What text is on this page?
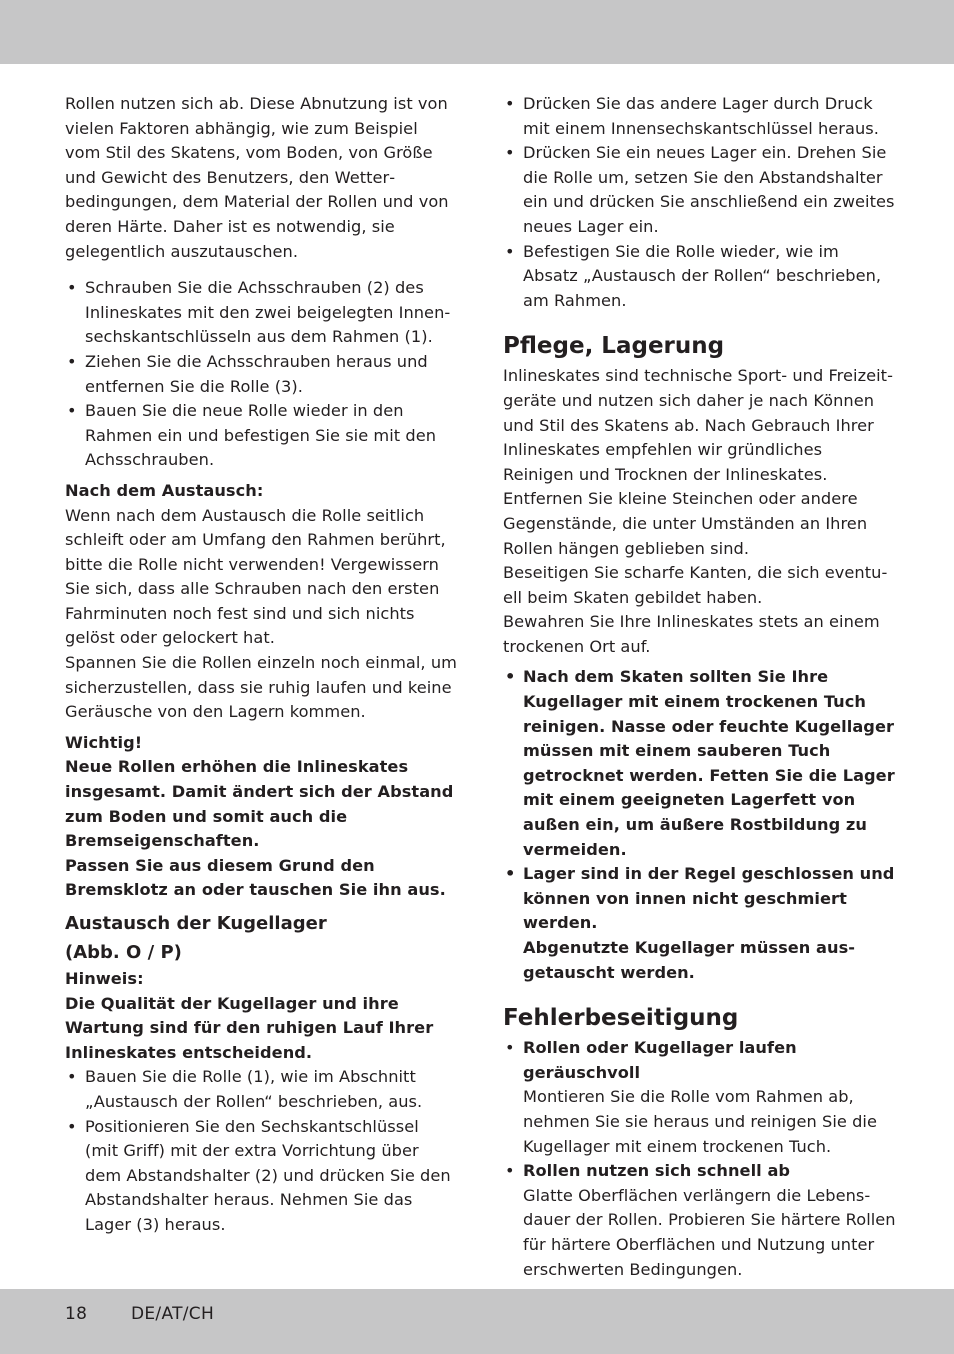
Rollen nutzen sich ab. Diese Abnutzung ist von vielen Faktoren abhängig, wie zum Beispiel vom Stil des Skatens, vom Boden, von Größe und Gewicht des Benutzers, den Wetterbedingungen, dem Material der Rollen und von deren Härte. Daher ist es notwendig, sie gelegentlich auszutauschen.

• Schrauben Sie die Achsschrauben (2) des Inlineskates mit den zwei beigelegten Innensechskantschlüsseln aus dem Rahmen (1).
• Ziehen Sie die Achsschrauben heraus und entfernen Sie die Rolle (3).
• Bauen Sie die neue Rolle wieder in den Rahmen ein und befestigen Sie sie mit den Achsschrauben.

Nach dem Austausch:

Wenn nach dem Austausch die Rolle seitlich schleift oder am Umfang den Rahmen berührt, bitte die Rolle nicht verwenden! Vergewissern Sie sich, dass alle Schrauben nach den ersten Fahrminuten noch fest sind und sich nichts gelöst oder gelockert hat.

Spannen Sie die Rollen einzeln noch einmal, um sicherzustellen, dass sie ruhig laufen und keine Geräusche von den Lagern kommen.

Wichtig!

Neue Rollen erhöhen die Inlineskates insgesamt. Damit ändert sich der Abstand zum Boden und somit auch die Bremseigenschaften.

Passen Sie aus diesem Grund den Bremsklotz an oder tauschen Sie ihn aus.

Austausch der Kugellager
(Abb. O / P)

Hinweis:

Die Qualität der Kugellager und ihre Wartung sind für den ruhigen Lauf Ihrer Inlineskates entscheidend.

• Bauen Sie die Rolle (1), wie im Abschnitt „Austausch der Rollen“ beschrieben, aus.
• Positionieren Sie den Sechskantschlüssel (mit Griff) mit der extra Vorrichtung über dem Abstandshalter (2) und drücken Sie den Abstandshalter heraus. Nehmen Sie das Lager (3) heraus.
• Drücken Sie das andere Lager durch Druck mit einem Innensechskantschlüssel heraus.
• Drücken Sie ein neues Lager ein. Drehen Sie die Rolle um, setzen Sie den Abstandshalter ein und drücken Sie anschließend ein zweites neues Lager ein.
• Befestigen Sie die Rolle wieder, wie im Absatz „Austausch der Rollen“ beschrieben, am Rahmen.
Pflege, Lagerung

Inlineskates sind technische Sport- und Freizeitgeräte und nutzen sich daher je nach Können und Stil des Skatens ab. Nach Gebrauch Ihrer Inlineskates empfehlen wir gründliches Reinigen und Trocknen der Inlineskates.

Entfernen Sie kleine Steinchen oder andere Gegenstände, die unter Umständen an Ihren Rollen hängen geblieben sind.

Beseitigen Sie scharfe Kanten, die sich eventuell beim Skaten gebildet haben.

Bewahren Sie Ihre Inlineskates stets an einem trockenen Ort auf.

• Nach dem Skaten sollten Sie Ihre Kugellager mit einem trockenen Tuch reinigen. Nasse oder feuchte Kugellager müssen mit einem sauberen Tuch getrocknet werden. Fetten Sie die Lager mit einem geeigneten Lagerfett von außen ein, um äußere Rostbildung zu vermeiden.
• Lager sind in der Regel geschlossen und können von innen nicht geschmiert werden.
Abgenutzte Kugellager müssen ausgetauscht werden.
Fehlerbeseitigung
• Rollen oder Kugellager laufen geräuschvoll
Montieren Sie die Rolle vom Rahmen ab, nehmen Sie sie heraus und reinigen Sie die Kugellager mit einem trockenen Tuch.
• Rollen nutzen sich schnell ab
Glatte Oberflächen verlängern die Lebensdauer der Rollen. Probieren Sie härtere Rollen für härtere Oberflächen und Nutzung unter erschwerten Bedingungen.
18	DE/AT/CH
